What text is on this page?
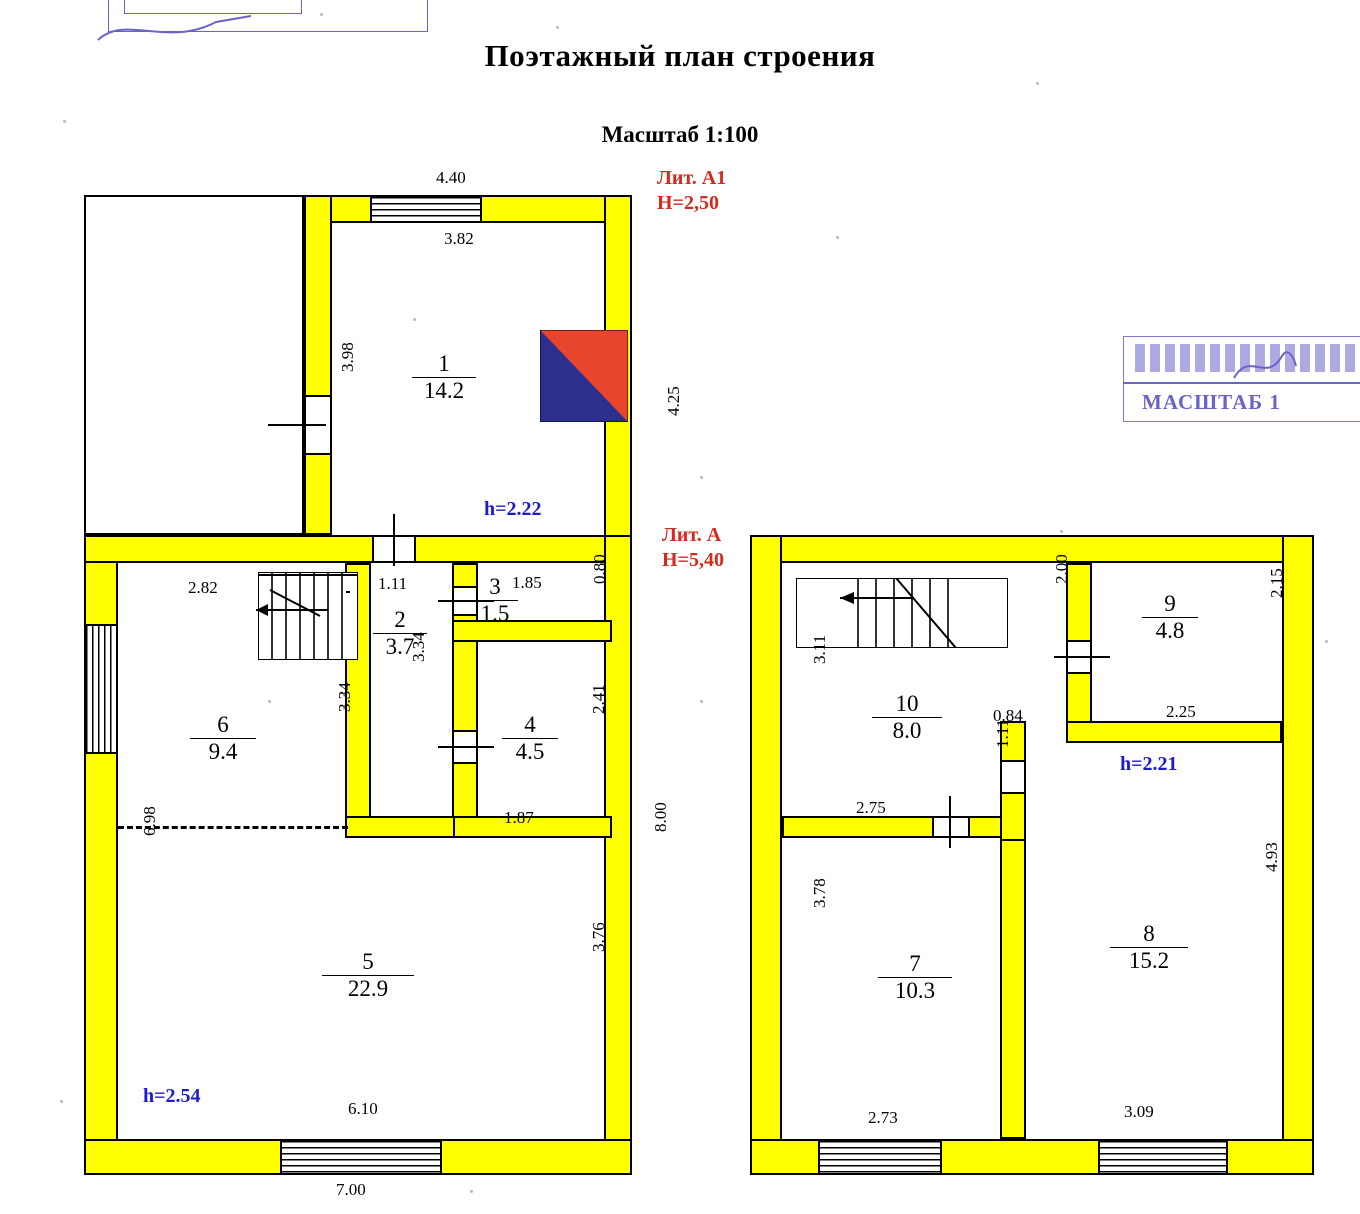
Поэтажный план строения
Масштаб 1:100
МАСШТАБ 1
Лит. А1
H=2,50
Лит. А
H=5,40
h=2.22
h=2.54
h=2.21
1
14.2
2
3.7
3
1.5
4
4.5
5
22.9
6
9.4
4.40
3.82
3.98
4.25
8.00
2.82	1.11	1.85	0.80
3.34
3.34	2.41
1.87
6.98
3.76
6.10
7.00
9
4.8
10
8.0
7
10.3
8
15.2
3.11
2.00	2.15
2.25
0.84
1.11
2.75
3.78
4.93
2.73	3.09
